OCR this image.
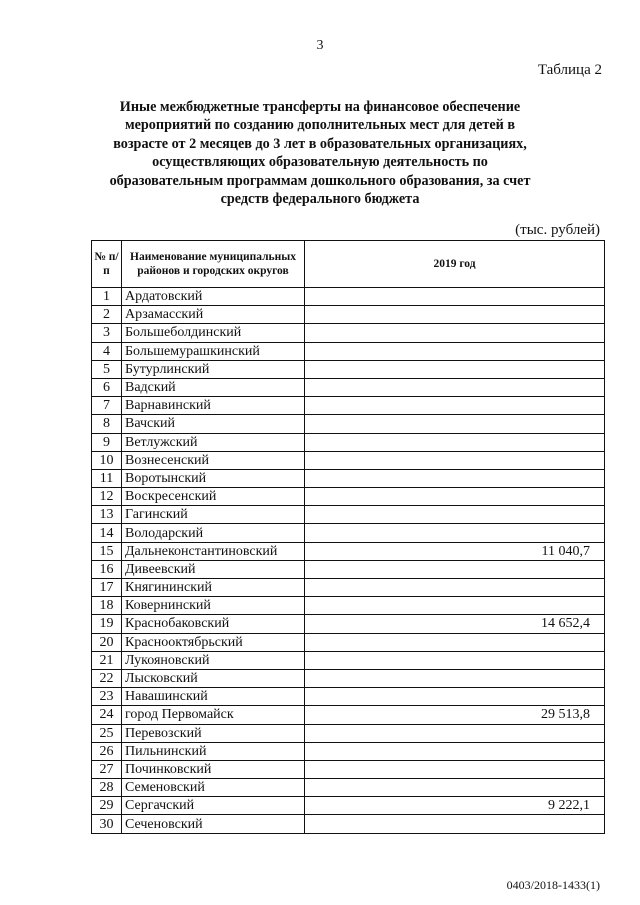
3
Таблица 2
Иные межбюджетные трансферты на финансовое обеспечение мероприятий по созданию дополнительных мест для детей в возрасте от 2 месяцев до 3 лет в образовательных организациях, осуществляющих образовательную деятельность по образовательным программам дошкольного образования, за счет средств федерального бюджета
(тыс. рублей)
№ п/п	Наименование муниципальных районов и городских округов	2019 год
1	Ардатовский	
2	Арзамасский	
3	Большеболдинский	
4	Большемурашкинский	
5	Бутурлинский	
6	Вадский	
7	Варнавинский	
8	Вачский	
9	Ветлужский	
10	Вознесенский	
11	Воротынский	
12	Воскресенский	
13	Гагинский	
14	Володарский	
15	Дальнеконстантиновский	11 040,7
16	Дивеевский	
17	Княгининский	
18	Ковернинский	
19	Краснобаковский	14 652,4
20	Краснооктябрьский	
21	Лукояновский	
22	Лысковский	
23	Навашинский	
24	город Первомайск	29 513,8
25	Перевозский	
26	Пильнинский	
27	Починковский	
28	Семеновский	
29	Сергачский	9 222,1
30	Сеченовский	
0403/2018-1433(1)
